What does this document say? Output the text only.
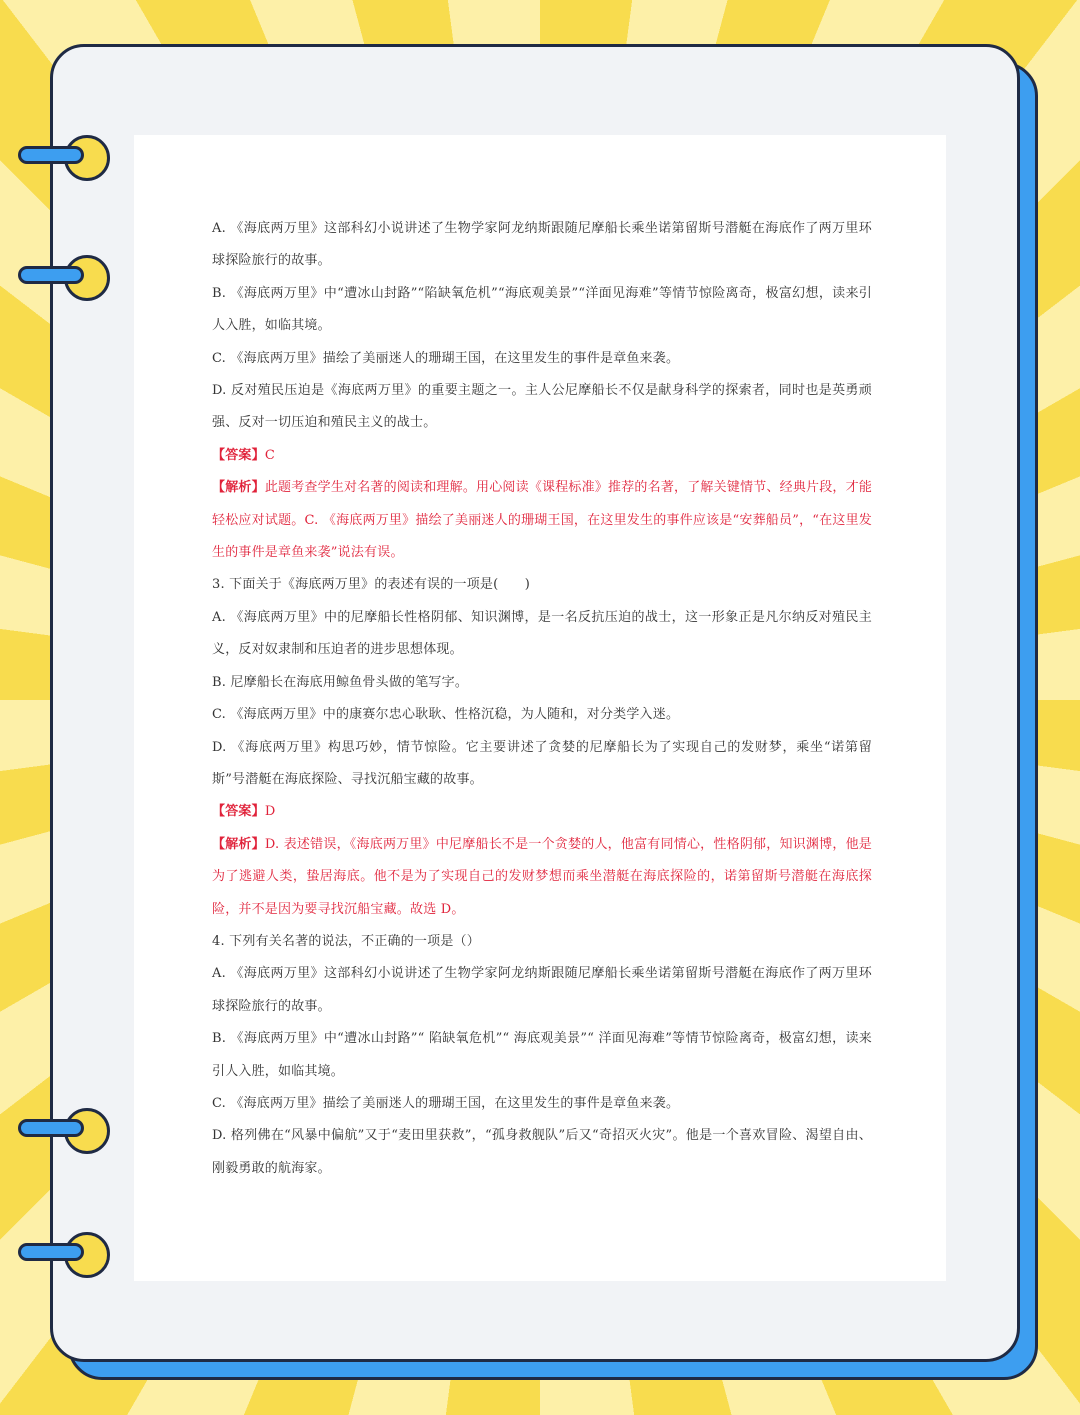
A. 《海底两万里》这部科幻小说讲述了生物学家阿龙纳斯跟随尼摩船长乘坐诺第留斯号潜艇在海底作了两万里环球探险旅行的故事。

B. 《海底两万里》中“遭冰山封路”“陷缺氧危机”“海底观美景”“洋面见海难”等情节惊险离奇，极富幻想，读来引人入胜，如临其境。

C. 《海底两万里》描绘了美丽迷人的珊瑚王国，在这里发生的事件是章鱼来袭。

D. 反对殖民压迫是《海底两万里》的重要主题之一。主人公尼摩船长不仅是献身科学的探索者，同时也是英勇顽强、反对一切压迫和殖民主义的战士。

【答案】C

【解析】此题考查学生对名著的阅读和理解。用心阅读《课程标准》推荐的名著，了解关键情节、经典片段，才能轻松应对试题。C. 《海底两万里》描绘了美丽迷人的珊瑚王国，在这里发生的事件应该是“安葬船员”，“在这里发生的事件是章鱼来袭”说法有误。

3. 下面关于《海底两万里》的表述有误的一项是(　　)

A. 《海底两万里》中的尼摩船长性格阴郁、知识渊博，是一名反抗压迫的战士，这一形象正是凡尔纳反对殖民主义，反对奴隶制和压迫者的进步思想体现。

B. 尼摩船长在海底用鲸鱼骨头做的笔写字。

C. 《海底两万里》中的康赛尔忠心耿耿、性格沉稳，为人随和，对分类学入迷。

D. 《海底两万里》构思巧妙，情节惊险。它主要讲述了贪婪的尼摩船长为了实现自己的发财梦，乘坐“诺第留斯”号潜艇在海底探险、寻找沉船宝藏的故事。

【答案】D

【解析】D. 表述错误，《海底两万里》中尼摩船长不是一个贪婪的人，他富有同情心，性格阴郁，知识渊博，他是为了逃避人类，蛰居海底。他不是为了实现自己的发财梦想而乘坐潜艇在海底探险的，诺第留斯号潜艇在海底探险，并不是因为要寻找沉船宝藏。故选 D。

4. 下列有关名著的说法，不正确的一项是（）

A. 《海底两万里》这部科幻小说讲述了生物学家阿龙纳斯跟随尼摩船长乘坐诺第留斯号潜艇在海底作了两万里环球探险旅行的故事。

B. 《海底两万里》中“遭冰山封路”“ 陷缺氧危机”“ 海底观美景”“ 洋面见海难”等情节惊险离奇，极富幻想，读来引人入胜，如临其境。

C. 《海底两万里》描绘了美丽迷人的珊瑚王国，在这里发生的事件是章鱼来袭。

D. 格列佛在“风暴中偏航”又于“麦田里获救”，“孤身救舰队”后又“奇招灭火灾”。他是一个喜欢冒险、渴望自由、刚毅勇敢的航海家。
